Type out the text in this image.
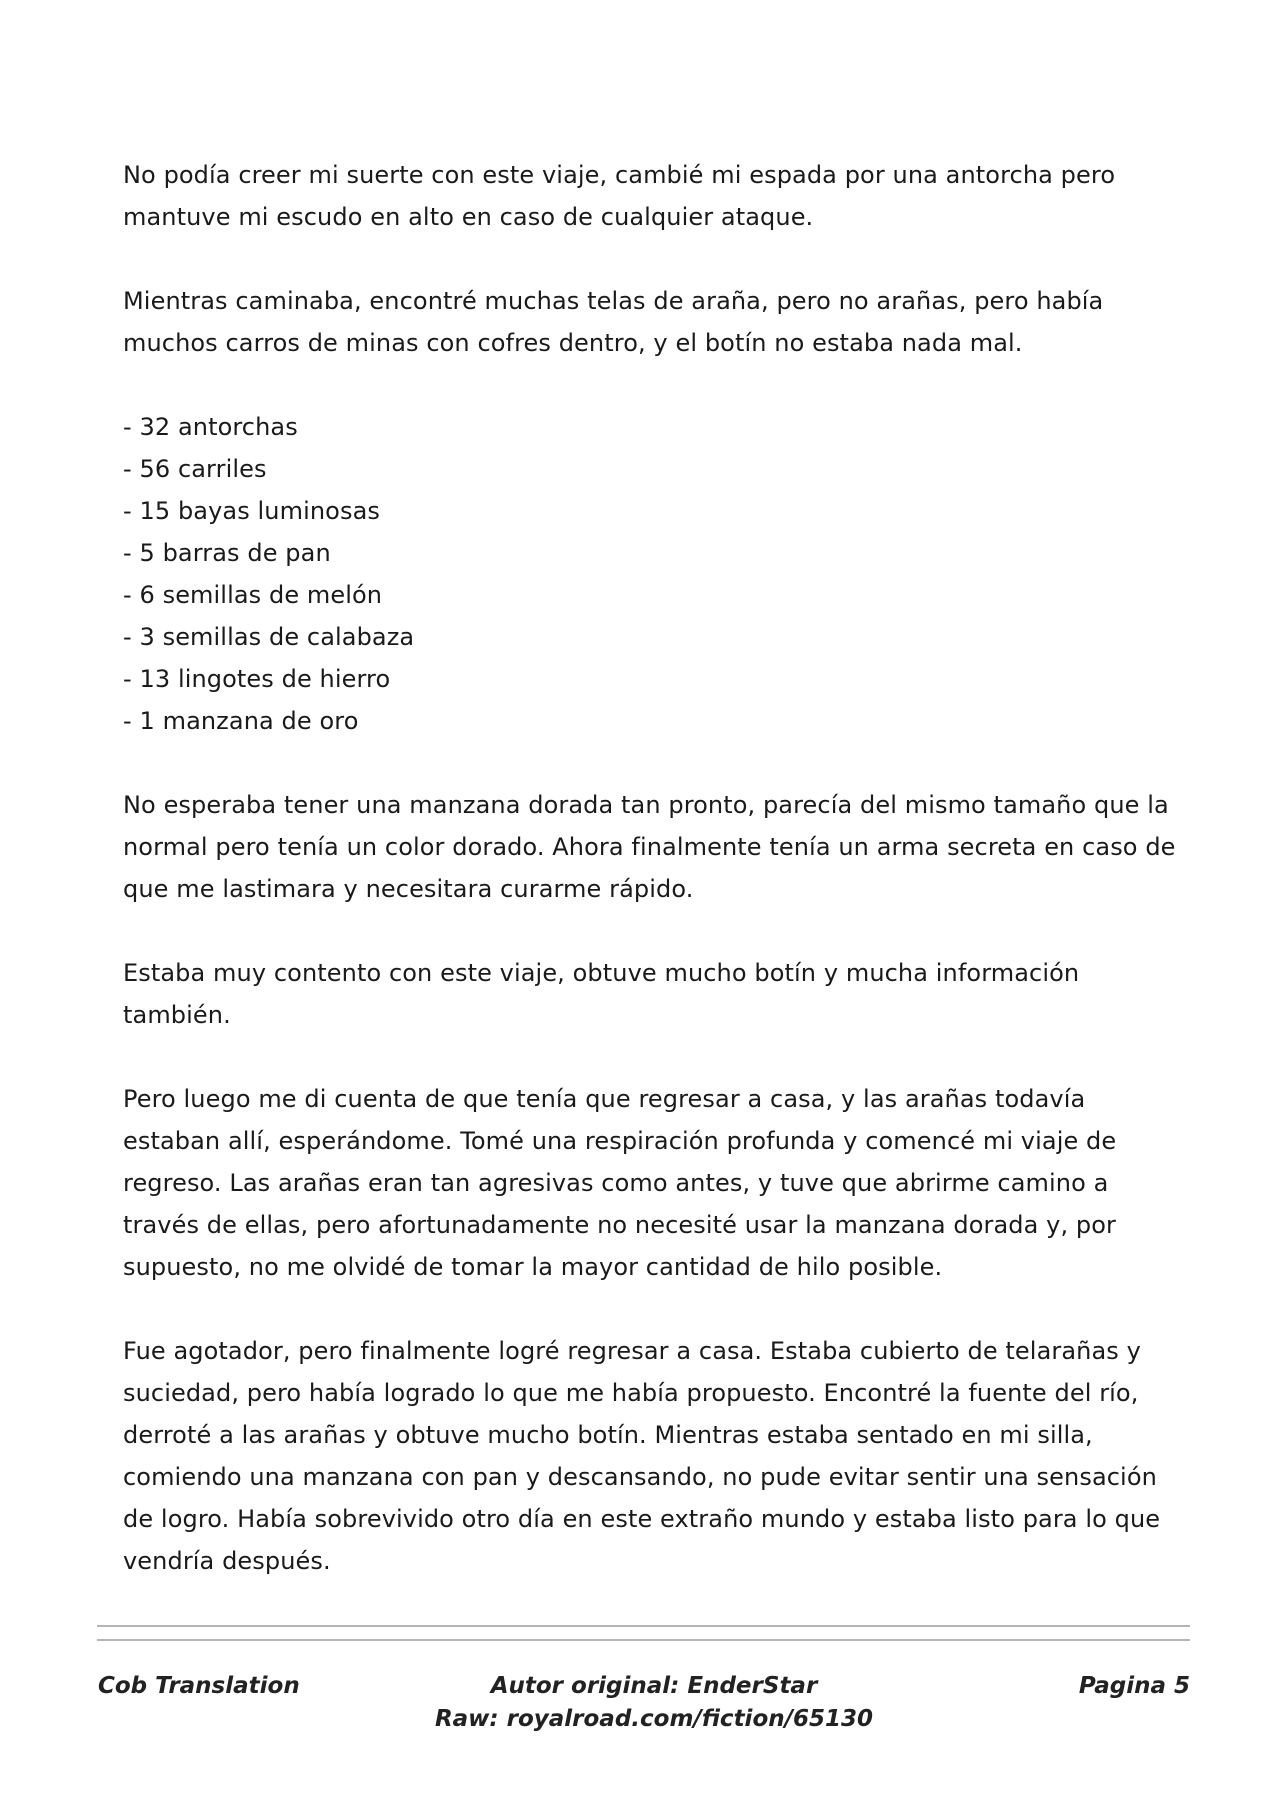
No podía creer mi suerte con este viaje, cambié mi espada por una antorcha pero mantuve mi escudo en alto en caso de cualquier ataque.

Mientras caminaba, encontré muchas telas de araña, pero no arañas, pero había muchos carros de minas con cofres dentro, y el botín no estaba nada mal.

- 32 antorchas
- 56 carriles
- 15 bayas luminosas
- 5 barras de pan
- 6 semillas de melón
- 3 semillas de calabaza
- 13 lingotes de hierro
- 1 manzana de oro

No esperaba tener una manzana dorada tan pronto, parecía del mismo tamaño que la normal pero tenía un color dorado. Ahora finalmente tenía un arma secreta en caso de que me lastimara y necesitara curarme rápido.

Estaba muy contento con este viaje, obtuve mucho botín y mucha información también.

Pero luego me di cuenta de que tenía que regresar a casa, y las arañas todavía estaban allí, esperándome. Tomé una respiración profunda y comencé mi viaje de regreso. Las arañas eran tan agresivas como antes, y tuve que abrirme camino a través de ellas, pero afortunadamente no necesité usar la manzana dorada y, por supuesto, no me olvidé de tomar la mayor cantidad de hilo posible.

Fue agotador, pero finalmente logré regresar a casa. Estaba cubierto de telarañas y suciedad, pero había logrado lo que me había propuesto. Encontré la fuente del río, derroté a las arañas y obtuve mucho botín. Mientras estaba sentado en mi silla, comiendo una manzana con pan y descansando, no pude evitar sentir una sensación de logro. Había sobrevivido otro día en este extraño mundo y estaba listo para lo que vendría después.

Cob Translation	Autor original: EnderStar
Raw: royalroad.com/fiction/65130
Pagina 5
